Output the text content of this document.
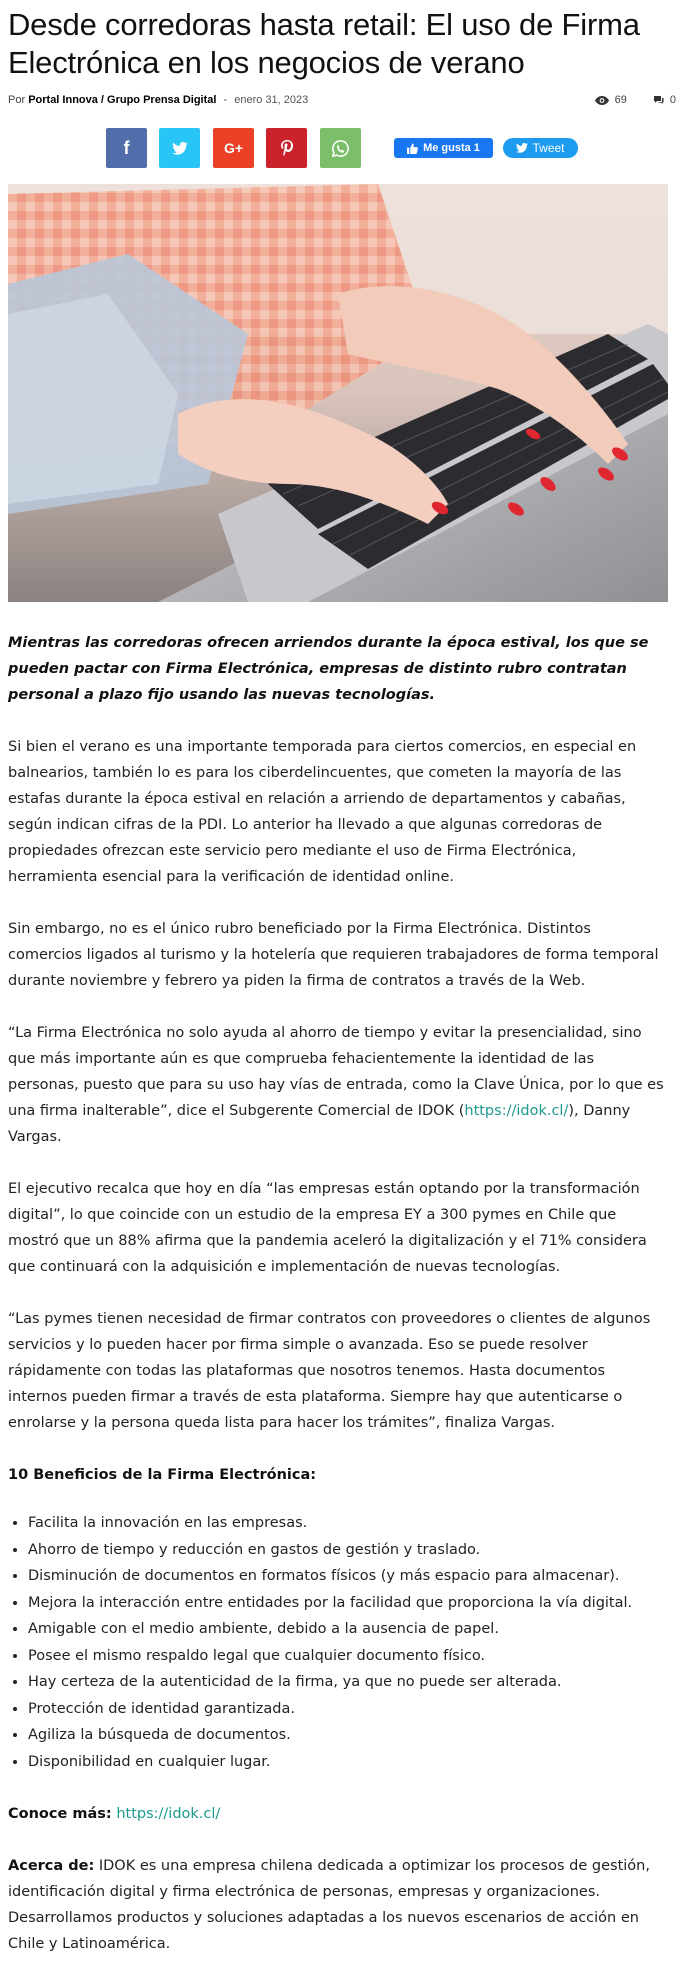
Desde corredoras hasta retail: El uso de Firma Electrónica en los negocios de verano
Por Portal Innova / Grupo Prensa Digital - enero 31, 2023	69	0
f	G+	Me gusta 1	Tweet

Mientras las corredoras ofrecen arriendos durante la época estival, los que se pueden pactar con Firma Electrónica, empresas de distinto rubro contratan personal a plazo fijo usando las nuevas tecnologías.

Si bien el verano es una importante temporada para ciertos comercios, en especial en balnearios, también lo es para los ciberdelincuentes, que cometen la mayoría de las estafas durante la época estival en relación a arriendo de departamentos y cabañas, según indican cifras de la PDI. Lo anterior ha llevado a que algunas corredoras de propiedades ofrezcan este servicio pero mediante el uso de Firma Electrónica, herramienta esencial para la verificación de identidad online.

Sin embargo, no es el único rubro beneficiado por la Firma Electrónica. Distintos comercios ligados al turismo y la hotelería que requieren trabajadores de forma temporal durante noviembre y febrero ya piden la firma de contratos a través de la Web.

“La Firma Electrónica no solo ayuda al ahorro de tiempo y evitar la presencialidad, sino que más importante aún es que comprueba fehacientemente la identidad de las personas, puesto que para su uso hay vías de entrada, como la Clave Única, por lo que es una firma inalterable”, dice el Subgerente Comercial de IDOK (https://idok.cl/), Danny Vargas.

El ejecutivo recalca que hoy en día “las empresas están optando por la transformación digital”, lo que coincide con un estudio de la empresa EY a 300 pymes en Chile que mostró que un 88% afirma que la pandemia aceleró la digitalización y el 71% considera que continuará con la adquisición e implementación de nuevas tecnologías.

“Las pymes tienen necesidad de firmar contratos con proveedores o clientes de algunos servicios y lo pueden hacer por firma simple o avanzada. Eso se puede resolver rápidamente con todas las plataformas que nosotros tenemos. Hasta documentos internos pueden firmar a través de esta plataforma. Siempre hay que autenticarse o enrolarse y la persona queda lista para hacer los trámites”, finaliza Vargas.

10 Beneficios de la Firma Electrónica:

• Facilita la innovación en las empresas.
• Ahorro de tiempo y reducción en gastos de gestión y traslado.
• Disminución de documentos en formatos físicos (y más espacio para almacenar).
• Mejora la interacción entre entidades por la facilidad que proporciona la vía digital.
• Amigable con el medio ambiente, debido a la ausencia de papel.
• Posee el mismo respaldo legal que cualquier documento físico.
• Hay certeza de la autenticidad de la firma, ya que no puede ser alterada.
• Protección de identidad garantizada.
• Agiliza la búsqueda de documentos.
• Disponibilidad en cualquier lugar.

Conoce más: https://idok.cl/

Acerca de: IDOK es una empresa chilena dedicada a optimizar los procesos de gestión, identificación digital y firma electrónica de personas, empresas y organizaciones. Desarrollamos productos y soluciones adaptadas a los nuevos escenarios de acción en Chile y Latinoamérica.
